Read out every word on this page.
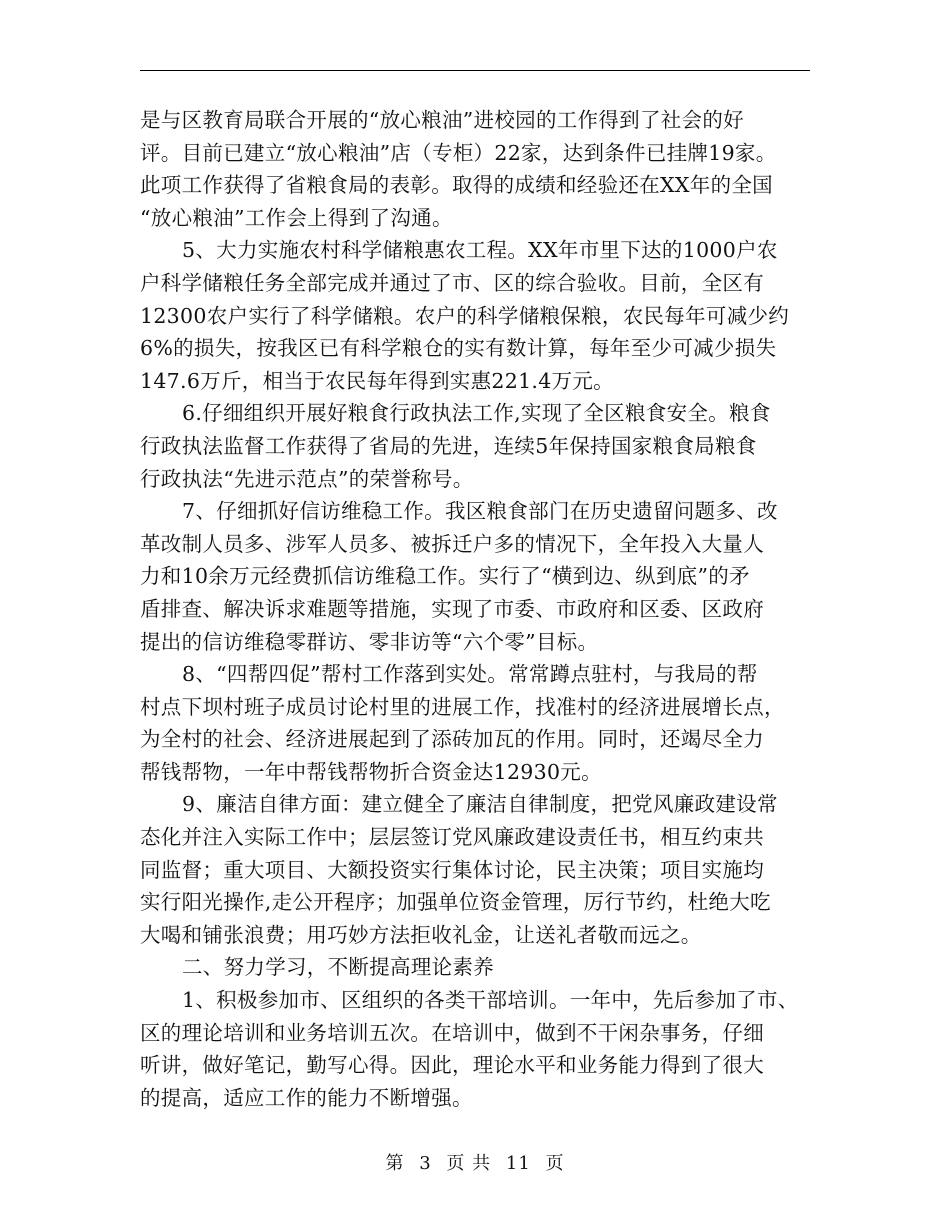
是与区教育局联合开展的“放心粮油”进校园的工作得到了社会的好
评。目前已建立“放心粮油”店（专柜）22家，达到条件已挂牌19家。
此项工作获得了省粮食局的表彰。取得的成绩和经验还在XX年的全国
“放心粮油”工作会上得到了沟通。
5、大力实施农村科学储粮惠农工程。XX年市里下达的1000户农
户科学储粮任务全部完成并通过了市、区的综合验收。目前，全区有
12300农户实行了科学储粮。农户的科学储粮保粮，农民每年可减少约
6%的损失，按我区已有科学粮仓的实有数计算，每年至少可减少损失
147.6万斤，相当于农民每年得到实惠221.4万元。
6.仔细组织开展好粮食行政执法工作,实现了全区粮食安全。粮食
行政执法监督工作获得了省局的先进，连续5年保持国家粮食局粮食
行政执法“先进示范点”的荣誉称号。
7、仔细抓好信访维稳工作。我区粮食部门在历史遗留问题多、改
革改制人员多、涉军人员多、被拆迁户多的情况下，全年投入大量人
力和10余万元经费抓信访维稳工作。实行了“横到边、纵到底”的矛
盾排查、解决诉求难题等措施，实现了市委、市政府和区委、区政府
提出的信访维稳零群访、零非访等“六个零”目标。
8、“四帮四促”帮村工作落到实处。常常蹲点驻村，与我局的帮
村点下坝村班子成员讨论村里的进展工作，找准村的经济进展增长点，
为全村的社会、经济进展起到了添砖加瓦的作用。同时，还竭尽全力
帮钱帮物，一年中帮钱帮物折合资金达12930元。
9、廉洁自律方面：建立健全了廉洁自律制度，把党风廉政建设常
态化并注入实际工作中；层层签订党风廉政建设责任书，相互约束共
同监督；重大项目、大额投资实行集体讨论，民主决策；项目实施均
实行阳光操作,走公开程序；加强单位资金管理，厉行节约，杜绝大吃
大喝和铺张浪费；用巧妙方法拒收礼金，让送礼者敬而远之。
二、努力学习，不断提高理论素养
1、积极参加市、区组织的各类干部培训。一年中，先后参加了市、
区的理论培训和业务培训五次。在培训中，做到不干闲杂事务，仔细
听讲，做好笔记，勤写心得。因此，理论水平和业务能力得到了很大
的提高，适应工作的能力不断增强。
第 3 页 共 11 页
